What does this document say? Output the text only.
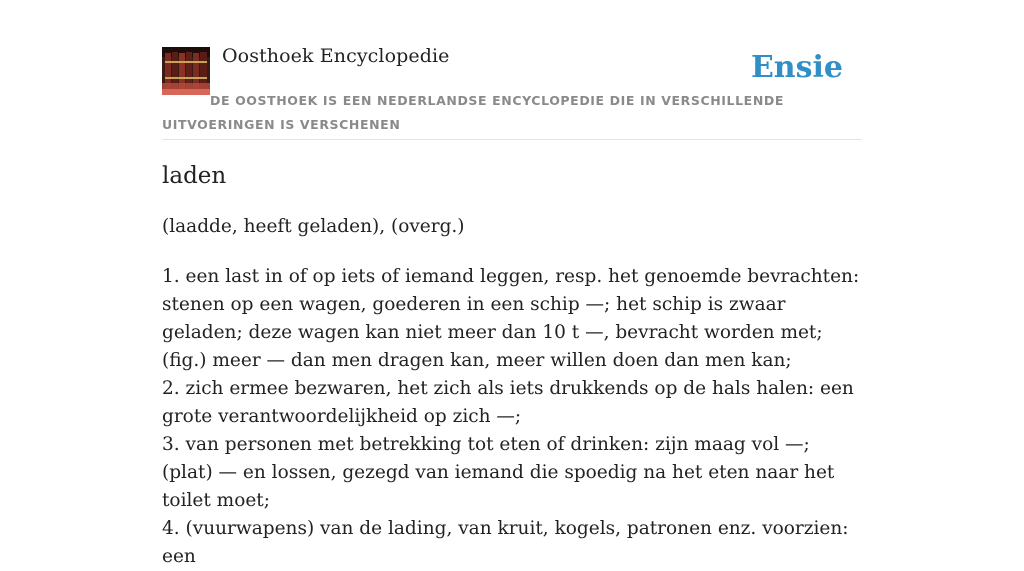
Oosthoek Encyclopedie	Ensie
DE OOSTHOEK IS EEN NEDERLANDSE ENCYCLOPEDIE DIE IN VERSCHILLENDE UITVOERINGEN IS VERSCHENEN
laden

(laadde, heeft geladen), (overg.)

1. een last in of op iets of iemand leggen, resp. het genoemde bevrachten: stenen op een wagen, goederen in een schip —; het schip is zwaar geladen; deze wagen kan niet meer dan 10 t —, bevracht worden met; (fig.) meer — dan men dragen kan, meer willen doen dan men kan;

2. zich ermee bezwaren, het zich als iets drukkends op de hals halen: een grote verantwoordelijkheid op zich —;

3. van personen met betrekking tot eten of drinken: zijn maag vol —; (plat) — en lossen, gezegd van iemand die spoedig na het eten naar het toilet moet;

4. (vuurwapens) van de lading, van kruit, kogels, patronen enz. voorzien: een
